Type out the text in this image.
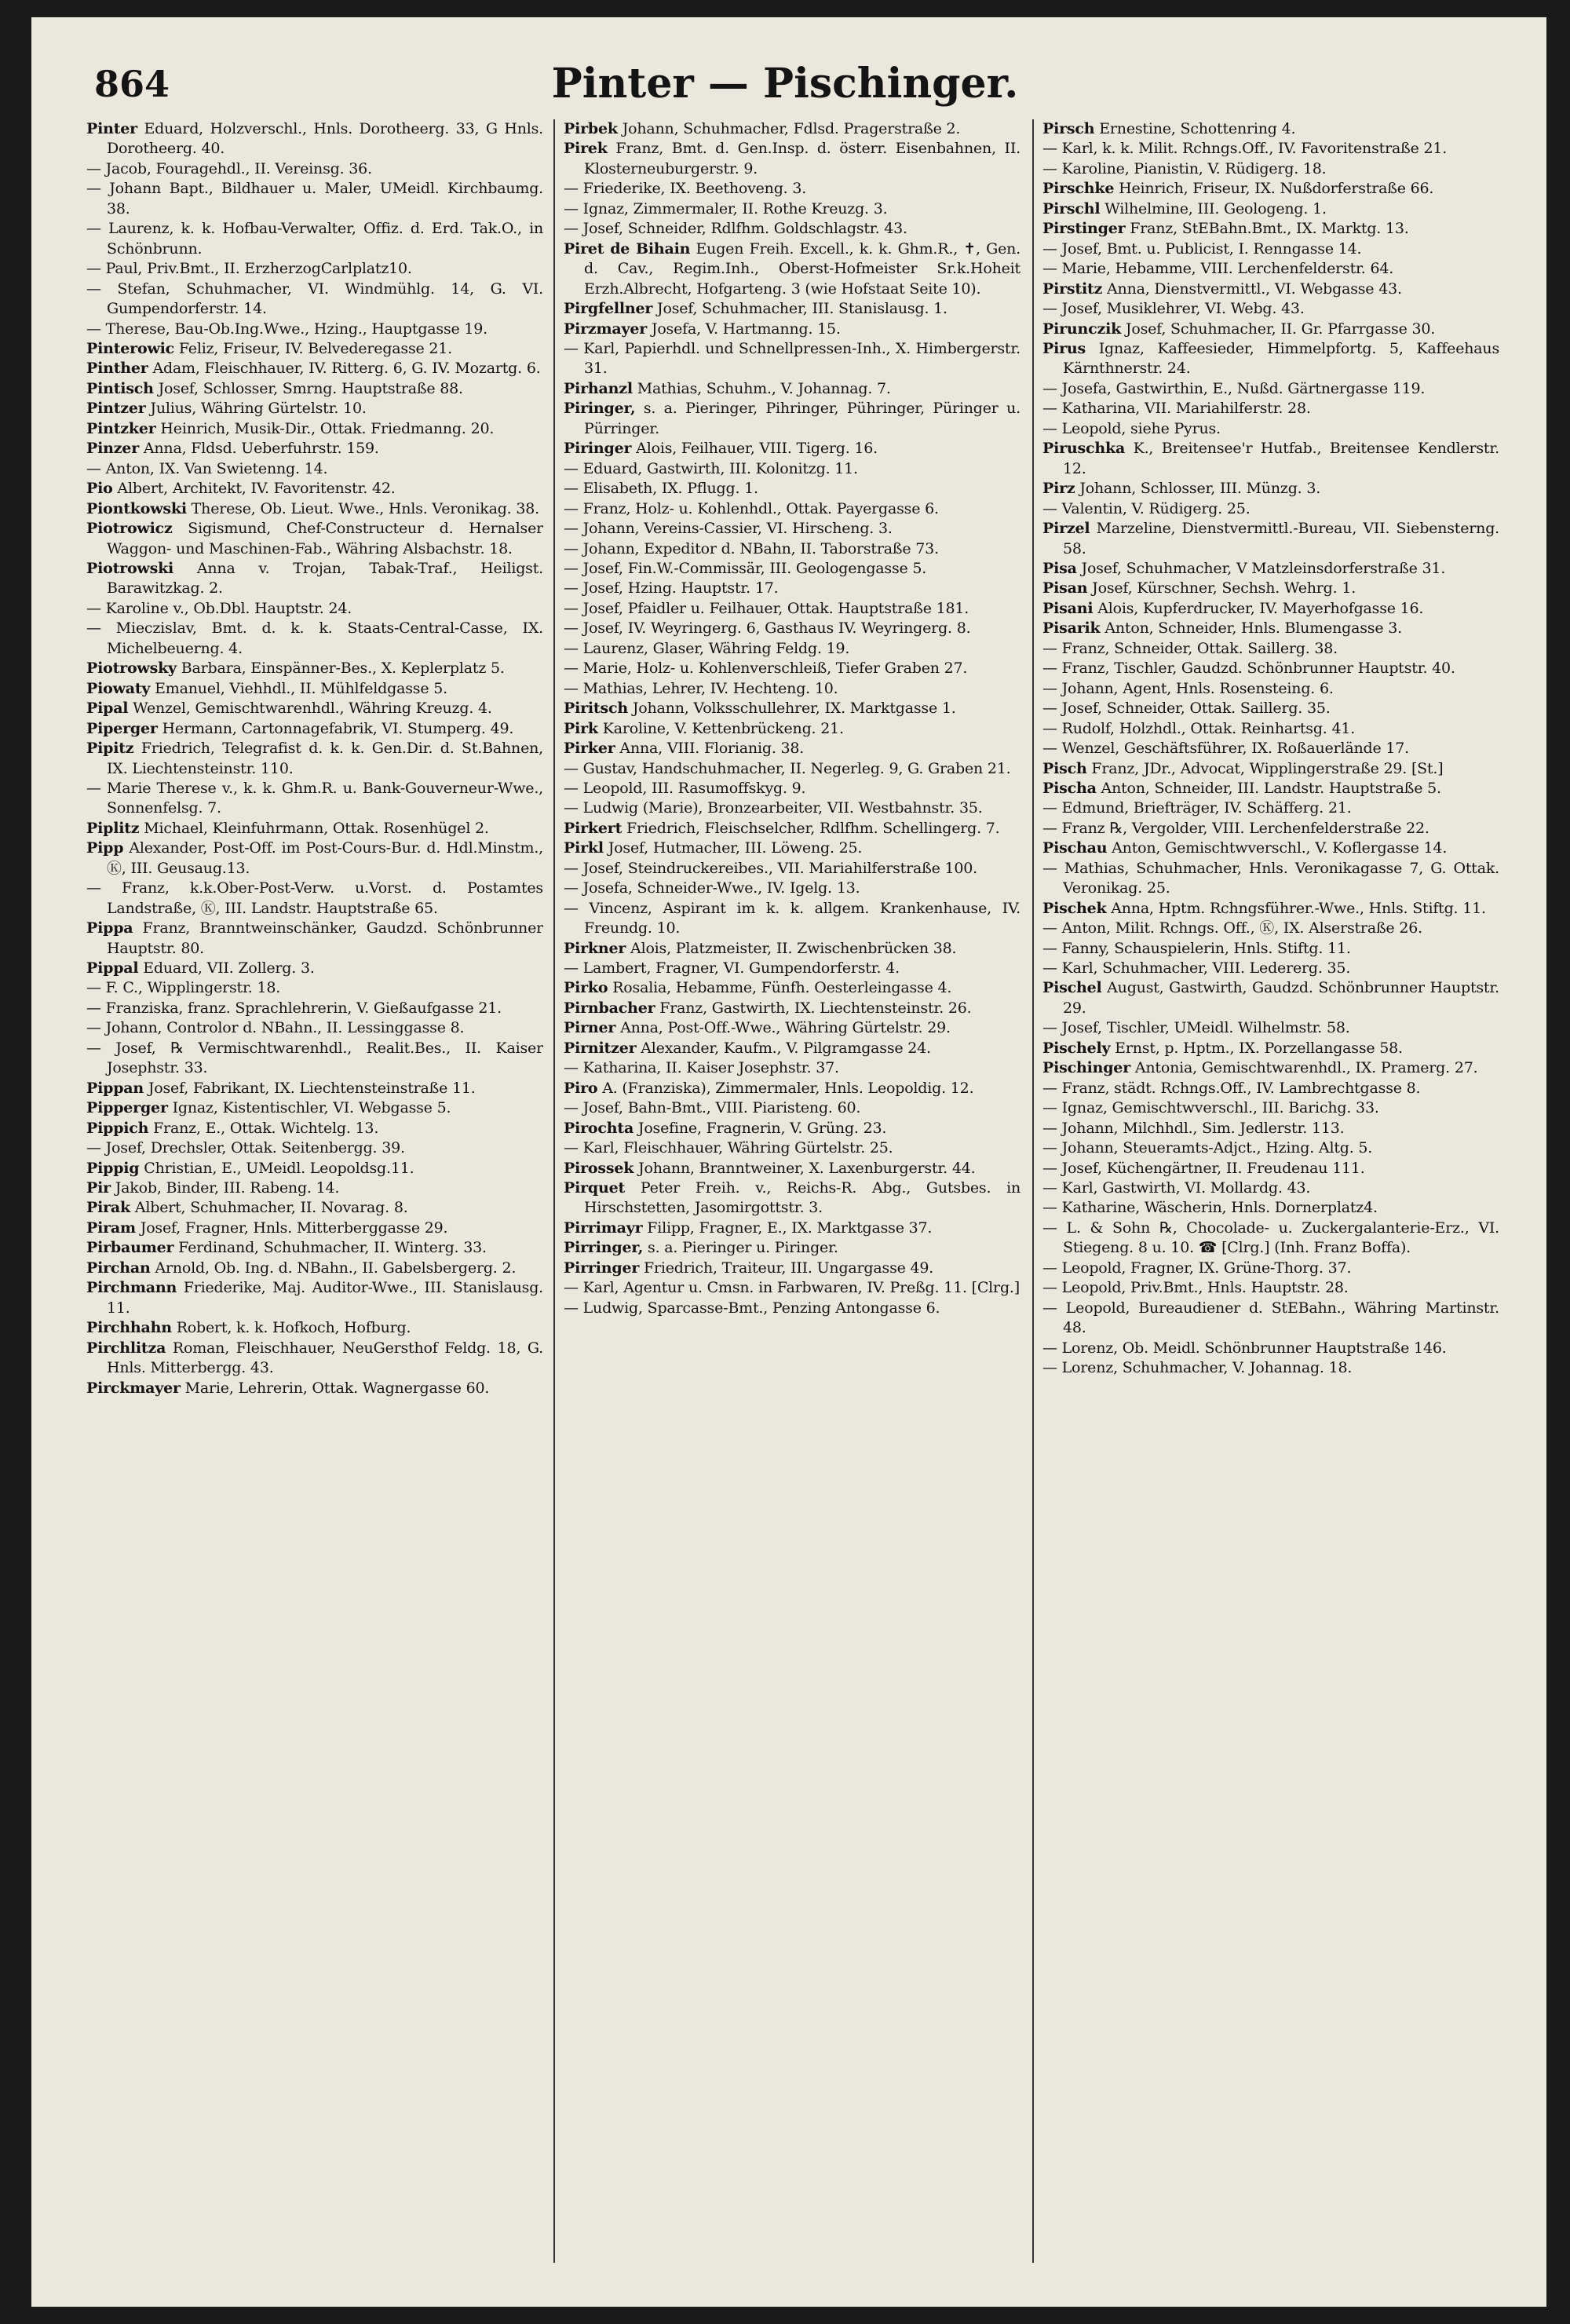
864	Pinter — Pischinger.

Pinter Eduard, Holzverschl., Hnls. Dorotheerg. 33, G Hnls. Dorotheerg. 40.

— Jacob, Fouragehdl., II. Vereinsg. 36.

— Johann Bapt., Bildhauer u. Maler, UMeidl. Kirchbaumg. 38.

— Laurenz, k. k. Hofbau-Verwalter, Offiz. d. Erd. Tak.O., in Schönbrunn.

— Paul, Priv.Bmt., II. ErzherzogCarlplatz10.

— Stefan, Schuhmacher, VI. Windmühlg. 14, G. VI. Gumpendorferstr. 14.

— Therese, Bau-Ob.Ing.Wwe., Hzing., Hauptgasse 19.

Pinterowic Feliz, Friseur, IV. Belvederegasse 21.

Pinther Adam, Fleischhauer, IV. Ritterg. 6, G. IV. Mozartg. 6.

Pintisch Josef, Schlosser, Smrng. Hauptstraße 88.

Pintzer Julius, Währing Gürtelstr. 10.

Pintzker Heinrich, Musik-Dir., Ottak. Friedmanng. 20.

Pinzer Anna, Fldsd. Ueberfuhrstr. 159.

— Anton, IX. Van Swietenng. 14.

Pio Albert, Architekt, IV. Favoritenstr. 42.

Piontkowski Therese, Ob. Lieut. Wwe., Hnls. Veronikag. 38.

Piotrowicz Sigismund, Chef-Constructeur d. Hernalser Waggon- und Maschinen-Fab., Währing Alsbachstr. 18.

Piotrowski Anna v. Trojan, Tabak-Traf., Heiligst. Barawitzkag. 2.

— Karoline v., Ob.Dbl. Hauptstr. 24.

— Mieczislav, Bmt. d. k. k. Staats-Central-Casse, IX. Michelbeuerng. 4.

Piotrowsky Barbara, Einspänner-Bes., X. Keplerplatz 5.

Piowaty Emanuel, Viehhdl., II. Mühlfeldgasse 5.

Pipal Wenzel, Gemischtwarenhdl., Währing Kreuzg. 4.

Piperger Hermann, Cartonnagefabrik, VI. Stumperg. 49.

Pipitz Friedrich, Telegrafist d. k. k. Gen.Dir. d. St.Bahnen, IX. Liechtensteinstr. 110.

— Marie Therese v., k. k. Ghm.R. u. Bank-Gouverneur-Wwe., Sonnenfelsg. 7.

Piplitz Michael, Kleinfuhrmann, Ottak. Rosenhügel 2.

Pipp Alexander, Post-Off. im Post-Cours-Bur. d. Hdl.Minstm., Ⓚ, III. Geusaug.13.

— Franz, k.k.Ober-Post-Verw. u.Vorst. d. Postamtes Landstraße, Ⓚ, III. Landstr. Hauptstraße 65.

Pippa Franz, Branntweinschänker, Gaudzd. Schönbrunner Hauptstr. 80.

Pippal Eduard, VII. Zollerg. 3.

— F. C., Wipplingerstr. 18.

— Franziska, franz. Sprachlehrerin, V. Gießaufgasse 21.

— Johann, Controlor d. NBahn., II. Lessinggasse 8.

— Josef, ℞ Vermischtwarenhdl., Realit.Bes., II. Kaiser Josephstr. 33.

Pippan Josef, Fabrikant, IX. Liechtensteinstraße 11.

Pipperger Ignaz, Kistentischler, VI. Webgasse 5.

Pippich Franz, E., Ottak. Wichtelg. 13.

— Josef, Drechsler, Ottak. Seitenbergg. 39.

Pippig Christian, E., UMeidl. Leopoldsg.11.

Pir Jakob, Binder, III. Rabeng. 14.

Pirak Albert, Schuhmacher, II. Novarag. 8.

Piram Josef, Fragner, Hnls. Mitterberggasse 29.

Pirbaumer Ferdinand, Schuhmacher, II. Winterg. 33.

Pirchan Arnold, Ob. Ing. d. NBahn., II. Gabelsbergerg. 2.

Pirchmann Friederike, Maj. Auditor-Wwe., III. Stanislausg. 11.

Pirchhahn Robert, k. k. Hofkoch, Hofburg.

Pirchlitza Roman, Fleischhauer, NeuGersthof Feldg. 18, G. Hnls. Mitterbergg. 43.

Pirckmayer Marie, Lehrerin, Ottak. Wagnergasse 60.

Pirbek Johann, Schuhmacher, Fdlsd. Pragerstraße 2.

Pirek Franz, Bmt. d. Gen.Insp. d. österr. Eisenbahnen, II. Klosterneuburgerstr. 9.

— Friederike, IX. Beethoveng. 3.

— Ignaz, Zimmermaler, II. Rothe Kreuzg. 3.

— Josef, Schneider, Rdlfhm. Goldschlagstr. 43.

Piret de Bihain Eugen Freih. Excell., k. k. Ghm.R., ✝, Gen. d. Cav., Regim.Inh., Oberst-Hofmeister Sr.k.Hoheit Erzh.Albrecht, Hofgarteng. 3 (wie Hofstaat Seite 10).

Pirgfellner Josef, Schuhmacher, III. Stanislausg. 1.

Pirzmayer Josefa, V. Hartmanng. 15.

— Karl, Papierhdl. und Schnellpressen-Inh., X. Himbergerstr. 31.

Pirhanzl Mathias, Schuhm., V. Johannag. 7.

Piringer, s. a. Pieringer, Pihringer, Pühringer, Püringer u. Pürringer.

Piringer Alois, Feilhauer, VIII. Tigerg. 16.

— Eduard, Gastwirth, III. Kolonitzg. 11.

— Elisabeth, IX. Pflugg. 1.

— Franz, Holz- u. Kohlenhdl., Ottak. Payergasse 6.

— Johann, Vereins-Cassier, VI. Hirscheng. 3.

— Johann, Expeditor d. NBahn, II. Taborstraße 73.

— Josef, Fin.W.-Commissär, III. Geologengasse 5.

— Josef, Hzing. Hauptstr. 17.

— Josef, Pfaidler u. Feilhauer, Ottak. Hauptstraße 181.

— Josef, IV. Weyringerg. 6, Gasthaus IV. Weyringerg. 8.

— Laurenz, Glaser, Währing Feldg. 19.

— Marie, Holz- u. Kohlenverschleiß, Tiefer Graben 27.

— Mathias, Lehrer, IV. Hechteng. 10.

Piritsch Johann, Volksschullehrer, IX. Marktgasse 1.

Pirk Karoline, V. Kettenbrückeng. 21.

Pirker Anna, VIII. Florianig. 38.

— Gustav, Handschuhmacher, II. Negerleg. 9, G. Graben 21.

— Leopold, III. Rasumoffskyg. 9.

— Ludwig (Marie), Bronzearbeiter, VII. Westbahnstr. 35.

Pirkert Friedrich, Fleischselcher, Rdlfhm. Schellingerg. 7.

Pirkl Josef, Hutmacher, III. Löweng. 25.

— Josef, Steindruckereibes., VII. Mariahilferstraße 100.

— Josefa, Schneider-Wwe., IV. Igelg. 13.

— Vincenz, Aspirant im k. k. allgem. Krankenhause, IV. Freundg. 10.

Pirkner Alois, Platzmeister, II. Zwischenbrücken 38.

— Lambert, Fragner, VI. Gumpendorferstr. 4.

Pirko Rosalia, Hebamme, Fünfh. Oesterleingasse 4.

Pirnbacher Franz, Gastwirth, IX. Liechtensteinstr. 26.

Pirner Anna, Post-Off.-Wwe., Währing Gürtelstr. 29.

Pirnitzer Alexander, Kaufm., V. Pilgramgasse 24.

— Katharina, II. Kaiser Josephstr. 37.

Piro A. (Franziska), Zimmermaler, Hnls. Leopoldig. 12.

— Josef, Bahn-Bmt., VIII. Piaristeng. 60.

Pirochta Josefine, Fragnerin, V. Grüng. 23.

— Karl, Fleischhauer, Währing Gürtelstr. 25.

Pirossek Johann, Branntweiner, X. Laxenburgerstr. 44.

Pirquet Peter Freih. v., Reichs-R. Abg., Gutsbes. in Hirschstetten, Jasomirgottstr. 3.

Pirrimayr Filipp, Fragner, E., IX. Marktgasse 37.

Pirringer, s. a. Pieringer u. Piringer.

Pirringer Friedrich, Traiteur, III. Ungargasse 49.

— Karl, Agentur u. Cmsn. in Farbwaren, IV. Preßg. 11. [Clrg.]

— Ludwig, Sparcasse-Bmt., Penzing Antongasse 6.

Pirsch Ernestine, Schottenring 4.

— Karl, k. k. Milit. Rchngs.Off., IV. Favoritenstraße 21.

— Karoline, Pianistin, V. Rüdigerg. 18.

Pirschke Heinrich, Friseur, IX. Nußdorferstraße 66.

Pirschl Wilhelmine, III. Geologeng. 1.

Pirstinger Franz, StEBahn.Bmt., IX. Marktg. 13.

— Josef, Bmt. u. Publicist, I. Renngasse 14.

— Marie, Hebamme, VIII. Lerchenfelderstr. 64.

Pirstitz Anna, Dienstvermittl., VI. Webgasse 43.

— Josef, Musiklehrer, VI. Webg. 43.

Pirunczik Josef, Schuhmacher, II. Gr. Pfarrgasse 30.

Pirus Ignaz, Kaffeesieder, Himmelpfortg. 5, Kaffeehaus Kärnthnerstr. 24.

— Josefa, Gastwirthin, E., Nußd. Gärtnergasse 119.

— Katharina, VII. Mariahilferstr. 28.

— Leopold, siehe Pyrus.

Piruschka K., Breitensee'r Hutfab., Breitensee Kendlerstr. 12.

Pirz Johann, Schlosser, III. Münzg. 3.

— Valentin, V. Rüdigerg. 25.

Pirzel Marzeline, Dienstvermittl.-Bureau, VII. Siebensterng. 58.

Pisa Josef, Schuhmacher, V Matzleinsdorferstraße 31.

Pisan Josef, Kürschner, Sechsh. Wehrg. 1.

Pisani Alois, Kupferdrucker, IV. Mayerhofgasse 16.

Pisarik Anton, Schneider, Hnls. Blumengasse 3.

— Franz, Schneider, Ottak. Saillerg. 38.

— Franz, Tischler, Gaudzd. Schönbrunner Hauptstr. 40.

— Johann, Agent, Hnls. Rosensteing. 6.

— Josef, Schneider, Ottak. Saillerg. 35.

— Rudolf, Holzhdl., Ottak. Reinhartsg. 41.

— Wenzel, Geschäftsführer, IX. Roßauerlände 17.

Pisch Franz, JDr., Advocat, Wipplingerstraße 29. [St.]

Pischa Anton, Schneider, III. Landstr. Hauptstraße 5.

— Edmund, Briefträger, IV. Schäfferg. 21.

— Franz ℞, Vergolder, VIII. Lerchenfelderstraße 22.

Pischau Anton, Gemischtwverschl., V. Koflergasse 14.

— Mathias, Schuhmacher, Hnls. Veronikagasse 7, G. Ottak. Veronikag. 25.

Pischek Anna, Hptm. Rchngsführer.-Wwe., Hnls. Stiftg. 11.

— Anton, Milit. Rchngs. Off., Ⓚ, IX. Alserstraße 26.

— Fanny, Schauspielerin, Hnls. Stiftg. 11.

— Karl, Schuhmacher, VIII. Ledererg. 35.

Pischel August, Gastwirth, Gaudzd. Schönbrunner Hauptstr. 29.

— Josef, Tischler, UMeidl. Wilhelmstr. 58.

Pischely Ernst, p. Hptm., IX. Porzellangasse 58.

Pischinger Antonia, Gemischtwarenhdl., IX. Pramerg. 27.

— Franz, städt. Rchngs.Off., IV. Lambrechtgasse 8.

— Ignaz, Gemischtwverschl., III. Barichg. 33.

— Johann, Milchhdl., Sim. Jedlerstr. 113.

— Johann, Steueramts-Adjct., Hzing. Altg. 5.

— Josef, Küchengärtner, II. Freudenau 111.

— Karl, Gastwirth, VI. Mollardg. 43.

— Katharine, Wäscherin, Hnls. Dornerplatz4.

— L. & Sohn ℞, Chocolade- u. Zuckergalanterie-Erz., VI. Stiegeng. 8 u. 10. ☎ [Clrg.] (Inh. Franz Boffa).

— Leopold, Fragner, IX. Grüne-Thorg. 37.

— Leopold, Priv.Bmt., Hnls. Hauptstr. 28.

— Leopold, Bureaudiener d. StEBahn., Währing Martinstr. 48.

— Lorenz, Ob. Meidl. Schönbrunner Hauptstraße 146.

— Lorenz, Schuhmacher, V. Johannag. 18.
